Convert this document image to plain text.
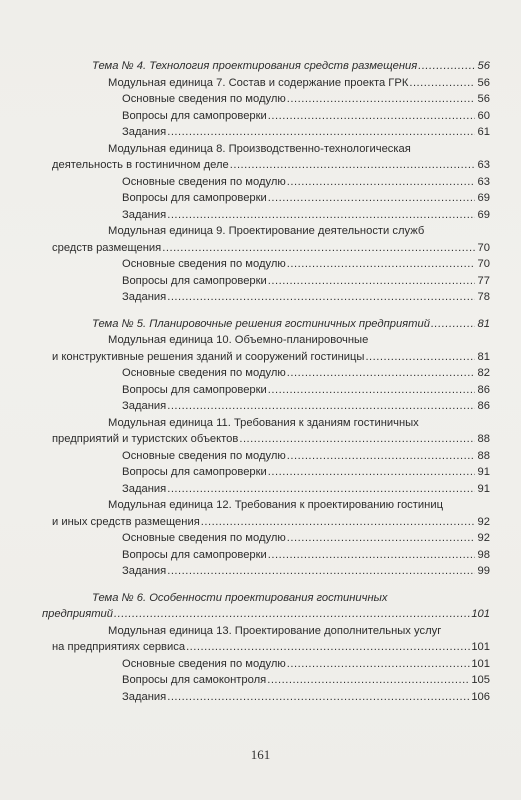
Тема № 4. Технология проектирования средств размещения .....	56
Модульная единица 7. Состав и содержание проекта ГРК .....	56
Основные сведения по модулю .....	56
Вопросы для самопроверки .....	60
Задания .....	61
Модульная единица 8. Производственно-технологическая
деятельность в гостиничном деле .....	63
Основные сведения по модулю .....	63
Вопросы для самопроверки .....	69
Задания .....	69
Модульная единица 9. Проектирование деятельности служб
средств размещения .....	70
Основные сведения по модулю .....	70
Вопросы для самопроверки .....	77
Задания .....	78
Тема № 5. Планировочные решения гостиничных предприятий .....	81
Модульная единица 10. Объемно-планировочные
и конструктивные решения зданий и сооружений гостиницы .....	81
Основные сведения по модулю .....	82
Вопросы для самопроверки .....	86
Задания .....	86
Модульная единица 11. Требования к зданиям гостиничных
предприятий и туристских объектов .....	88
Основные сведения по модулю .....	88
Вопросы для самопроверки .....	91
Задания .....	91
Модульная единица 12. Требования к проектированию гостиниц
и иных средств размещения .....	92
Основные сведения по модулю .....	92
Вопросы для самопроверки .....	98
Задания .....	99
Тема № 6. Особенности проектирования гостиничных
предприятий .....	101
Модульная единица 13. Проектирование дополнительных услуг
на предприятиях сервиса .....	101
Основные сведения по модулю .....	101
Вопросы для самоконтроля .....	105
Задания .....	106
161
